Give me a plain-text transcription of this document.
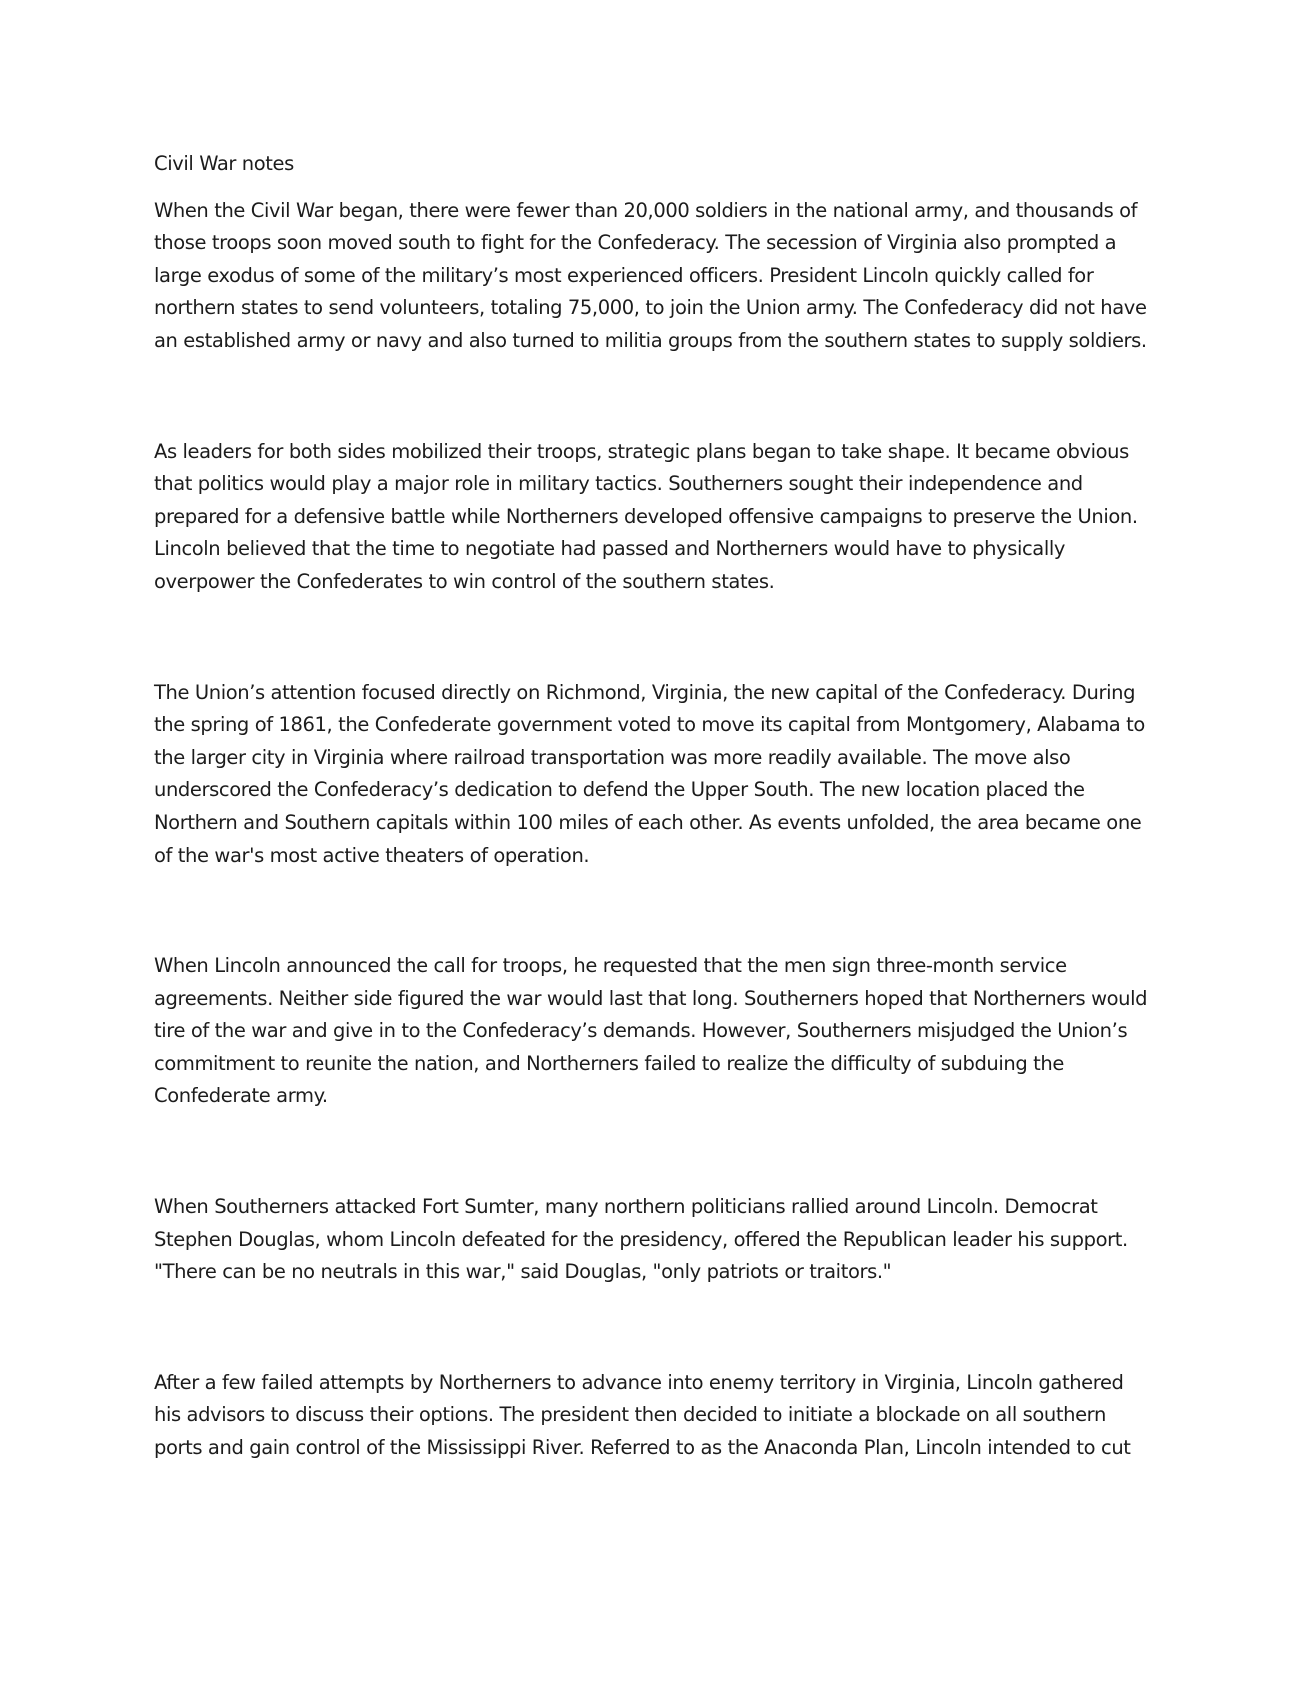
Civil War notes

When the Civil War began, there were fewer than 20,000 soldiers in the national army, and thousands of those troops soon moved south to fight for the Confederacy. The secession of Virginia also prompted a large exodus of some of the military’s most experienced officers. President Lincoln quickly called for northern states to send volunteers, totaling 75,000, to join the Union army. The Confederacy did not have an established army or navy and also turned to militia groups from the southern states to supply soldiers.

As leaders for both sides mobilized their troops, strategic plans began to take shape. It became obvious that politics would play a major role in military tactics. Southerners sought their independence and prepared for a defensive battle while Northerners developed offensive campaigns to preserve the Union. Lincoln believed that the time to negotiate had passed and Northerners would have to physically overpower the Confederates to win control of the southern states.

The Union’s attention focused directly on Richmond, Virginia, the new capital of the Confederacy. During the spring of 1861, the Confederate government voted to move its capital from Montgomery, Alabama to the larger city in Virginia where railroad transportation was more readily available. The move also underscored the Confederacy’s dedication to defend the Upper South. The new location placed the Northern and Southern capitals within 100 miles of each other. As events unfolded, the area became one of the war's most active theaters of operation.

When Lincoln announced the call for troops, he requested that the men sign three-month service agreements. Neither side figured the war would last that long. Southerners hoped that Northerners would tire of the war and give in to the Confederacy’s demands. However, Southerners misjudged the Union’s commitment to reunite the nation, and Northerners failed to realize the difficulty of subduing the Confederate army.

When Southerners attacked Fort Sumter, many northern politicians rallied around Lincoln. Democrat Stephen Douglas, whom Lincoln defeated for the presidency, offered the Republican leader his support. "There can be no neutrals in this war," said Douglas, "only patriots or traitors."

After a few failed attempts by Northerners to advance into enemy territory in Virginia, Lincoln gathered his advisors to discuss their options. The president then decided to initiate a blockade on all southern ports and gain control of the Mississippi River. Referred to as the Anaconda Plan, Lincoln intended to cut
